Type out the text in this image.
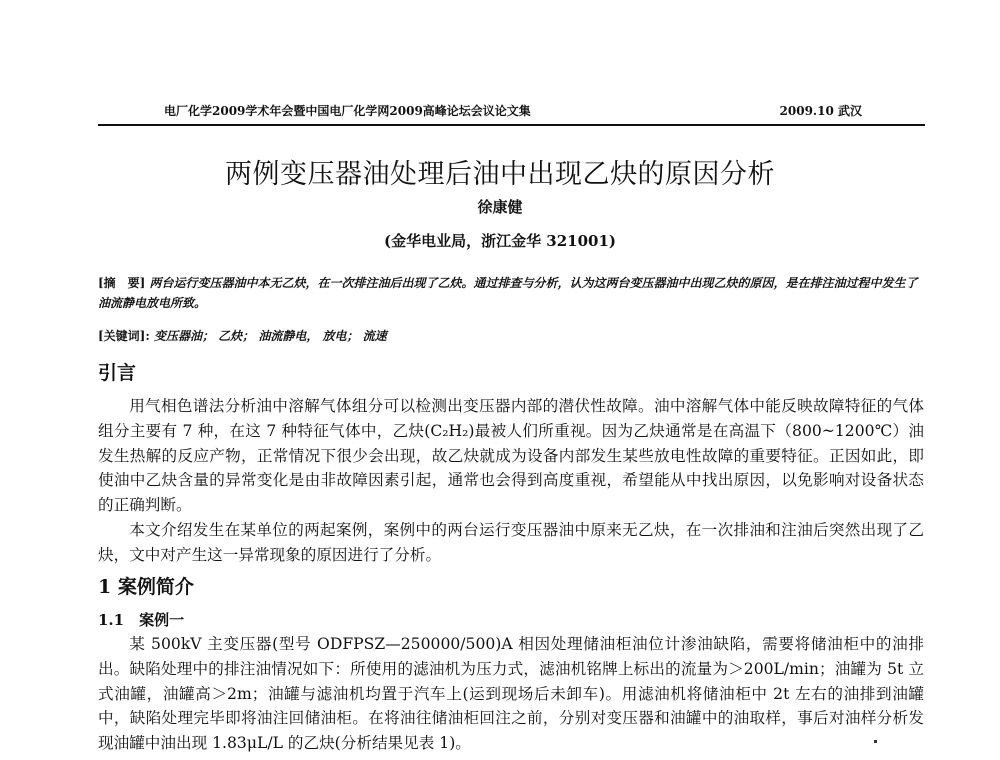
电厂化学2009学术年会暨中国电厂化学网2009高峰论坛会议论文集	2009.10 武汉
两例变压器油处理后油中出现乙炔的原因分析
徐康健
(金华电业局，浙江金华 321001)
[摘　要] 两台运行变压器油中本无乙炔，在一次排注油后出现了乙炔。通过排查与分析，认为这两台变压器油中出现乙炔的原因，是在排注油过程中发生了油流静电放电所致。
[关键词]: 变压器油； 乙炔； 油流静电， 放电； 流速
引言
用气相色谱法分析油中溶解气体组分可以检测出变压器内部的潜伏性故障。油中溶解气体中能反映故障特征的气体组分主要有 7 种，在这 7 种特征气体中，乙炔(C₂H₂)最被人们所重视。因为乙炔通常是在高温下（800~1200℃）油发生热解的反应产物，正常情况下很少会出现，故乙炔就成为设备内部发生某些放电性故障的重要特征。正因如此，即使油中乙炔含量的异常变化是由非故障因素引起，通常也会得到高度重视，希望能从中找出原因，以免影响对设备状态的正确判断。
本文介绍发生在某单位的两起案例，案例中的两台运行变压器油中原来无乙炔，在一次排油和注油后突然出现了乙炔，文中对产生这一异常现象的原因进行了分析。
1 案例简介
1.1　案例一
某 500kV 主变压器(型号 ODFPSZ—250000/500)A 相因处理储油柜油位计渗油缺陷，需要将储油柜中的油排出。缺陷处理中的排注油情况如下：所使用的滤油机为压力式，滤油机铭牌上标出的流量为＞200L/min；油罐为 5t 立式油罐，油罐高＞2m；油罐与滤油机均置于汽车上(运到现场后未卸车)。用滤油机将储油柜中 2t 左右的油排到油罐中，缺陷处理完毕即将油注回储油柜。在将油往储油柜回注之前，分别对变压器和油罐中的油取样，事后对油样分析发现油罐中油出现 1.83μL/L 的乙炔(分析结果见表 1)。
